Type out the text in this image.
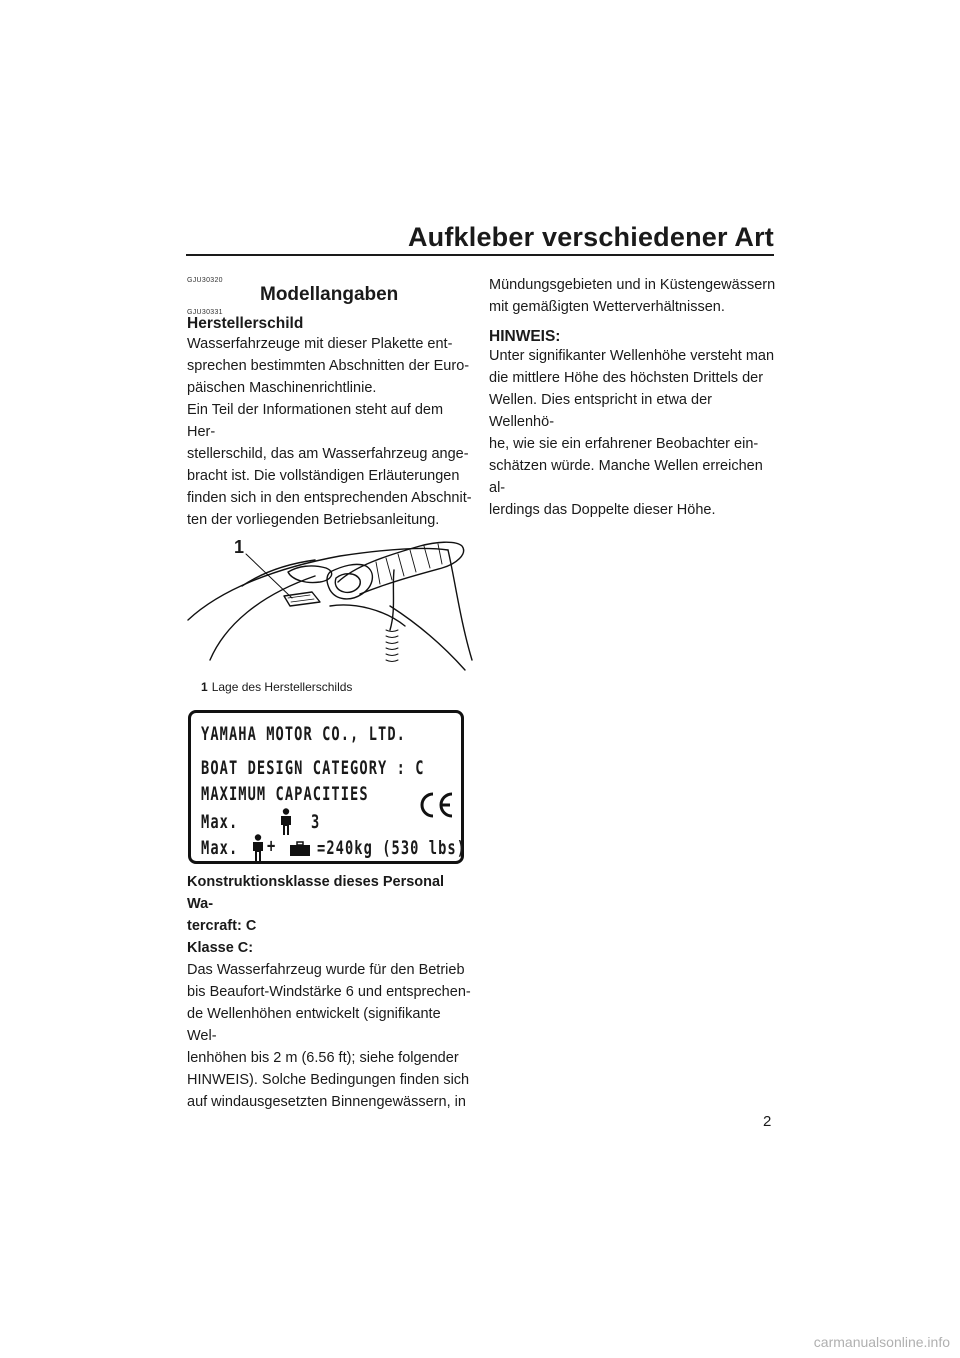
Aufkleber verschiedener Art
GJU30320
Modellangaben
GJU30331
Herstellerschild

Wasserfahrzeuge mit dieser Plakette ent-

sprechen bestimmten Abschnitten der Euro-

päischen Maschinenrichtlinie.

Ein Teil der Informationen steht auf dem Her-

stellerschild, das am Wasserfahrzeug ange-

bracht ist. Die vollständigen Erläuterungen

finden sich in den entsprechenden Abschnit-

ten der vorliegenden Betriebsanleitung.

1
1 Lage des Herstellerschilds
YAMAHA MOTOR CO., LTD.
BOAT DESIGN CATEGORY : C
MAXIMUM CAPACITIES
Max.	3
Max. + =240kg (530 lbs)

Konstruktionsklasse dieses Personal Wa-

tercraft: C

Klasse C:

Das Wasserfahrzeug wurde für den Betrieb

bis Beaufort-Windstärke 6 und entsprechen-

de Wellenhöhen entwickelt (signifikante Wel-

lenhöhen bis 2 m (6.56 ft); siehe folgender

HINWEIS). Solche Bedingungen finden sich

auf windausgesetzten Binnengewässern, in

Mündungsgebieten und in Küstengewässern

mit gemäßigten Wetterverhältnissen.

HINWEIS:

Unter signifikanter Wellenhöhe versteht man

die mittlere Höhe des höchsten Drittels der

Wellen. Dies entspricht in etwa der Wellenhö-

he, wie sie ein erfahrener Beobachter ein-

schätzen würde. Manche Wellen erreichen al-

lerdings das Doppelte dieser Höhe.

2
carmanualsonline.info
